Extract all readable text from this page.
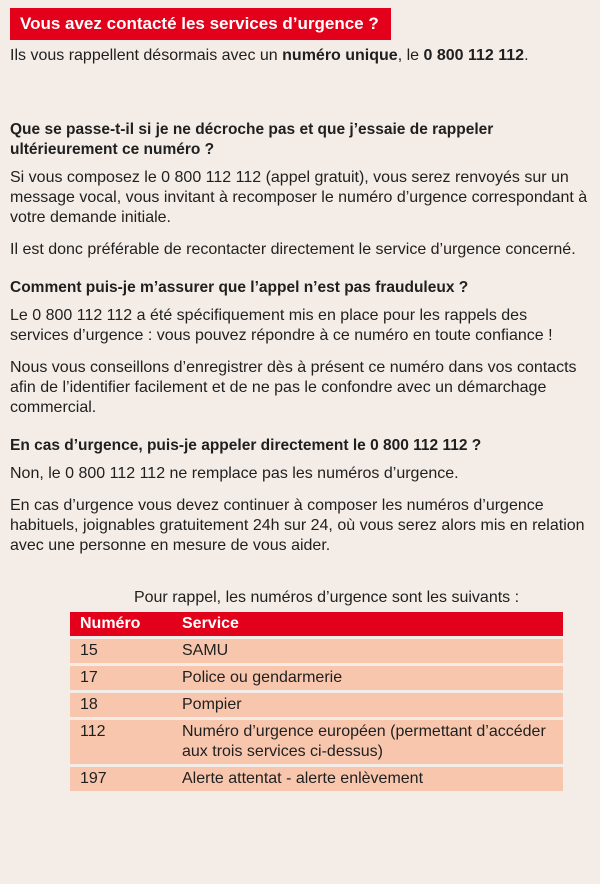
Vous avez contacté les services d’urgence ?

Ils vous rappellent désormais avec un numéro unique, le 0 800 112 112.

Que se passe-t-il si je ne décroche pas et que j’essaie de rappeler ultérieurement ce numéro ?

Si vous composez le 0 800 112 112 (appel gratuit), vous serez renvoyés sur un message vocal, vous invitant à recomposer le numéro d’urgence correspondant à votre demande initiale.

Il est donc préférable de recontacter directement le service d’urgence concerné.

Comment puis-je m’assurer que l’appel n’est pas frauduleux ?

Le 0 800 112 112 a été spécifiquement mis en place pour les rappels des services d’urgence : vous pouvez répondre à ce numéro en toute confiance !

Nous vous conseillons d’enregistrer dès à présent ce numéro dans vos contacts afin de l’identifier facilement et de ne pas le confondre avec un démarchage commercial.

En cas d’urgence, puis-je appeler directement le 0 800 112 112 ?

Non, le 0 800 112 112 ne remplace pas les numéros d’urgence.

En cas d’urgence vous devez continuer à composer les numéros d’urgence habituels, joignables gratuitement 24h sur 24, où vous serez alors mis en relation avec une personne en mesure de vous aider.

Pour rappel, les numéros d’urgence sont les suivants :
Numéro	Service
15	SAMU
17	Police ou gendarmerie
18	Pompier
112	Numéro d’urgence européen (permettant d’accéder aux trois services ci-dessus)
197	Alerte attentat - alerte enlèvement
